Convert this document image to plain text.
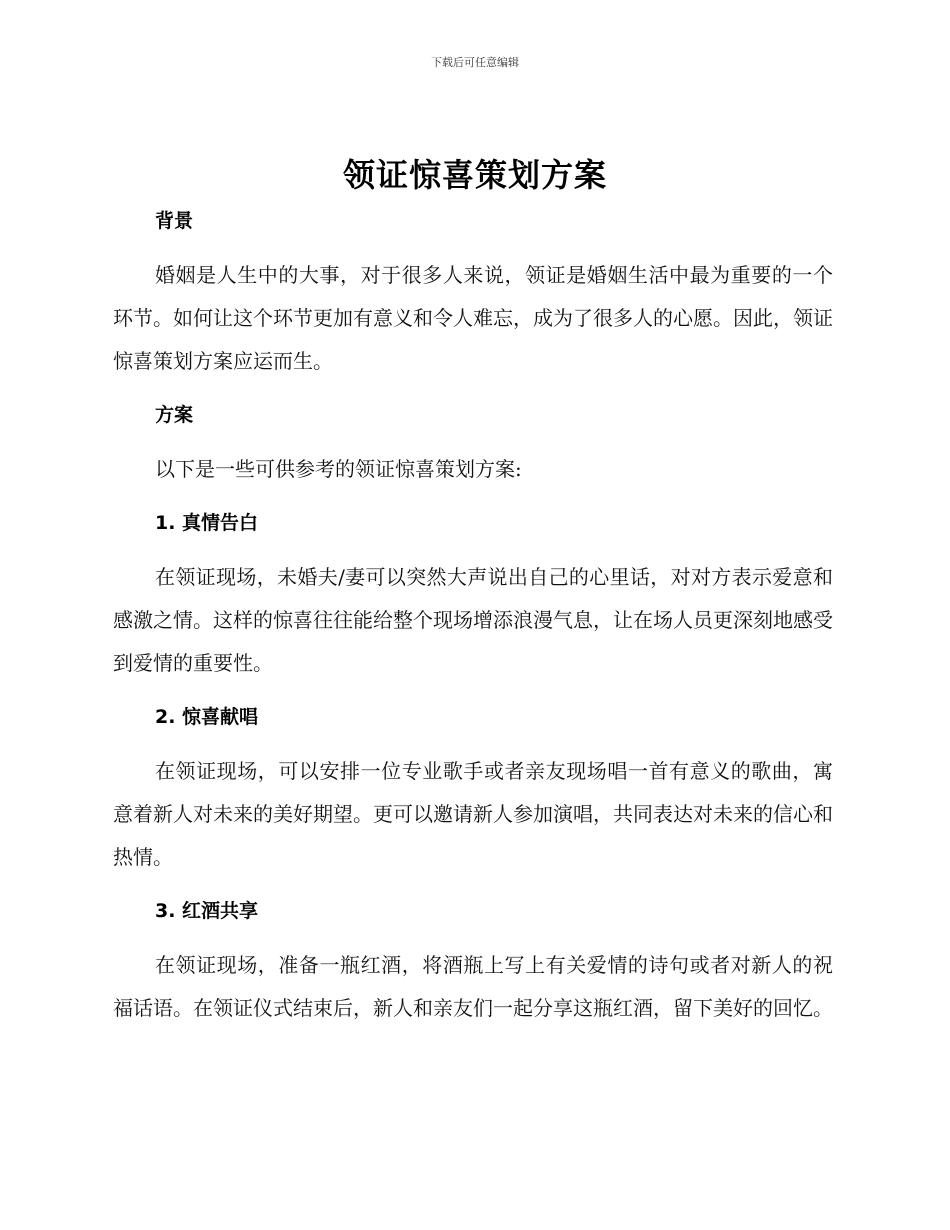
下载后可任意编辑
领证惊喜策划方案
背景

婚姻是人生中的大事，对于很多人来说，领证是婚姻生活中最为重要的一个环节。如何让这个环节更加有意义和令人难忘，成为了很多人的心愿。因此，领证惊喜策划方案应运而生。

方案

以下是一些可供参考的领证惊喜策划方案:

1. 真情告白

在领证现场，未婚夫/妻可以突然大声说出自己的心里话，对对方表示爱意和感激之情。这样的惊喜往往能给整个现场增添浪漫气息，让在场人员更深刻地感受到爱情的重要性。

2. 惊喜献唱

在领证现场，可以安排一位专业歌手或者亲友现场唱一首有意义的歌曲，寓意着新人对未来的美好期望。更可以邀请新人参加演唱，共同表达对未来的信心和热情。

3. 红酒共享

在领证现场，准备一瓶红酒，将酒瓶上写上有关爱情的诗句或者对新人的祝福话语。在领证仪式结束后，新人和亲友们一起分享这瓶红酒，留下美好的回忆。
